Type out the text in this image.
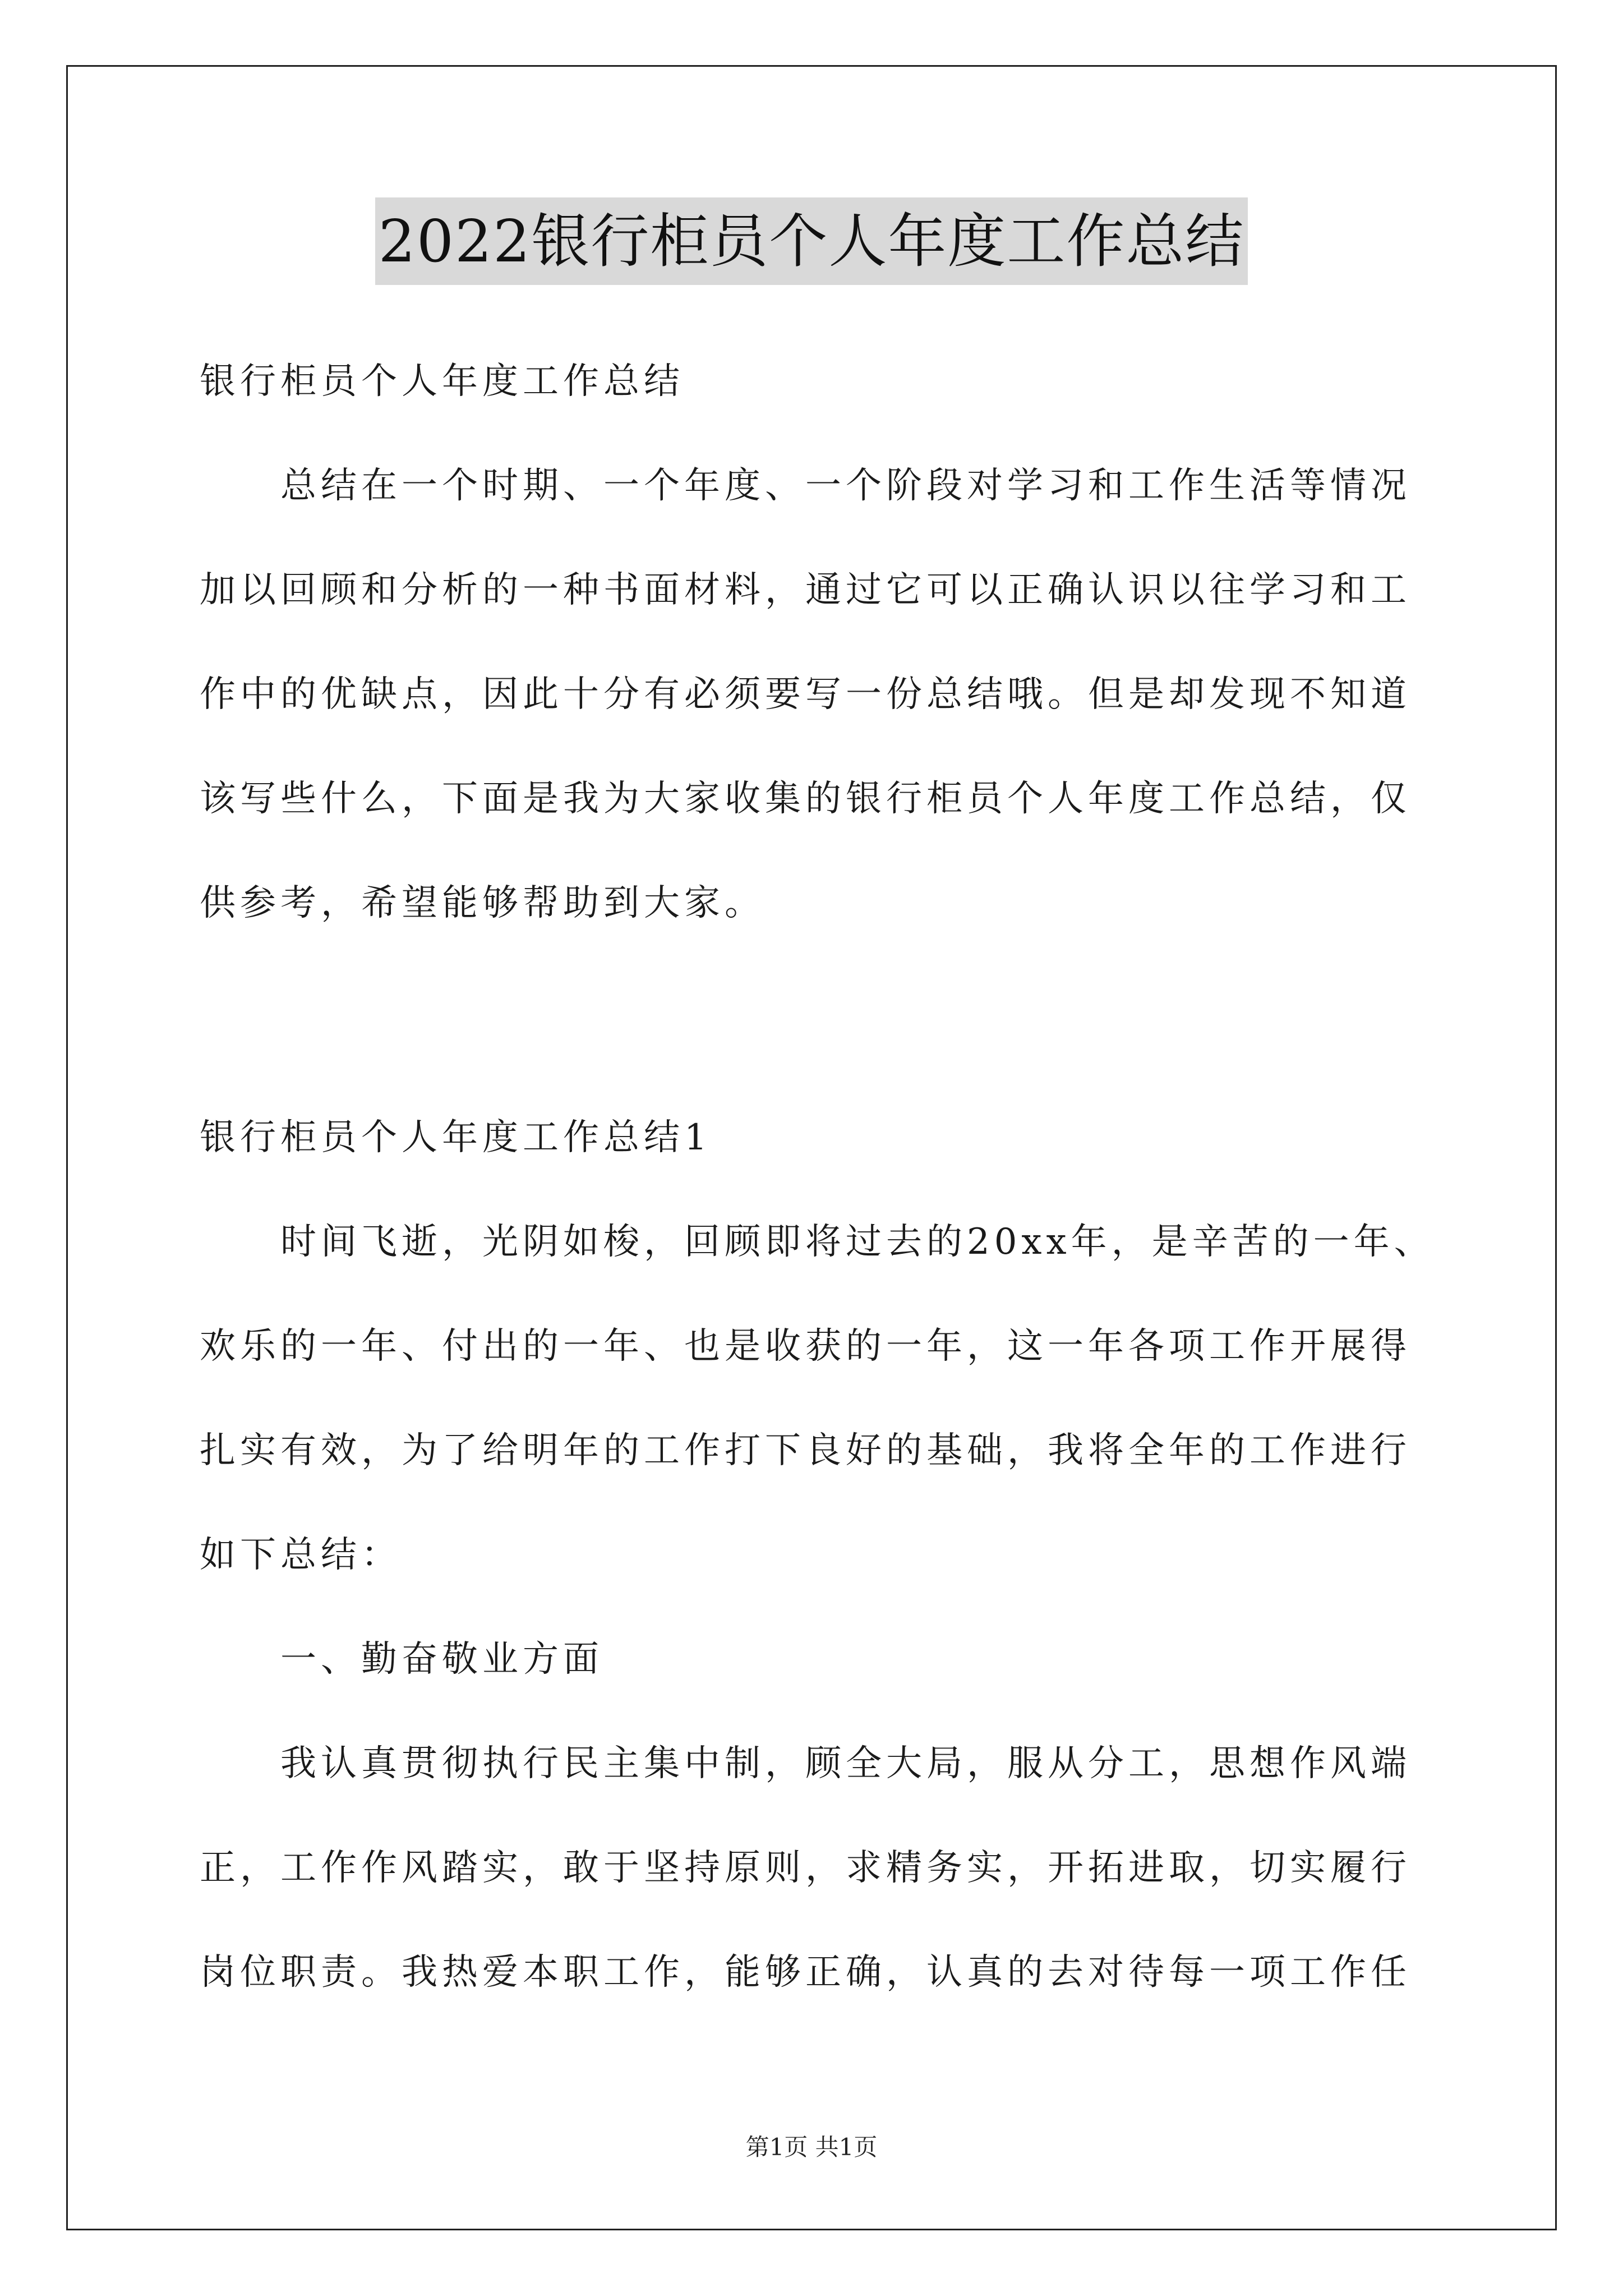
2022银行柜员个人年度工作总结
银行柜员个人年度工作总结
总结在一个时期、一个年度、一个阶段对学习和工作生活等情况
加以回顾和分析的一种书面材料，通过它可以正确认识以往学习和工
作中的优缺点，因此十分有必须要写一份总结哦。但是却发现不知道
该写些什么，下面是我为大家收集的银行柜员个人年度工作总结，仅
供参考，希望能够帮助到大家。
银行柜员个人年度工作总结1
时间飞逝，光阴如梭，回顾即将过去的20xx年，是辛苦的一年、
欢乐的一年、付出的一年、也是收获的一年，这一年各项工作开展得
扎实有效，为了给明年的工作打下良好的基础，我将全年的工作进行
如下总结：
一、勤奋敬业方面
我认真贯彻执行民主集中制，顾全大局，服从分工，思想作风端
正，工作作风踏实，敢于坚持原则，求精务实，开拓进取，切实履行
岗位职责。我热爱本职工作，能够正确，认真的去对待每一项工作任
第1页 共1页
